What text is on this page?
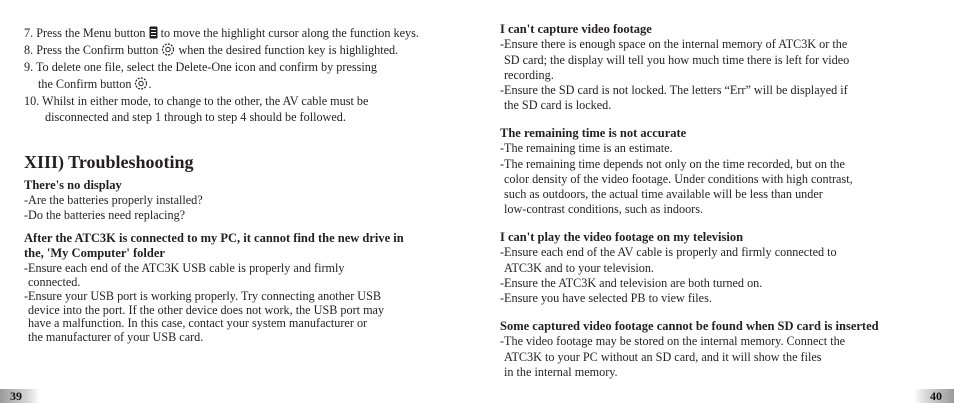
7. Press the Menu button to move the highlight cursor along the function keys.
8. Press the Confirm button when the desired function key is highlighted.
9. To delete one file, select the Delete-One icon and confirm by pressing
the Confirm button .
10. Whilst in either mode, to change to the other, the AV cable must be
disconnected and step 1 through to step 4 should be followed.
XIII) Troubleshooting
There's no display
-Are the batteries properly installed?
-Do the batteries need replacing?
After the ATC3K is connected to my PC, it cannot find the new drive in
the, 'My Computer' folder
-Ensure each end of the ATC3K USB cable is properly and firmly
connected.
-Ensure your USB port is working properly. Try connecting another USB
device into the port. If the other device does not work, the USB port may
have a malfunction. In this case, contact your system manufacturer or
the manufacturer of your USB card.
I can't capture video footage
-Ensure there is enough space on the internal memory of ATC3K or the
SD card; the display will tell you how much time there is left for video
recording.
-Ensure the SD card is not locked. The letters “Err” will be displayed if
the SD card is locked.
The remaining time is not accurate
-The remaining time is an estimate.
-The remaining time depends not only on the time recorded, but on the
color density of the video footage. Under conditions with high contrast,
such as outdoors, the actual time available will be less than under
low-contrast conditions, such as indoors.
I can't play the video footage on my television
-Ensure each end of the AV cable is properly and firmly connected to
ATC3K and to your television.
-Ensure the ATC3K and television are both turned on.
-Ensure you have selected PB to view files.
Some captured video footage cannot be found when SD card is inserted
-The video footage may be stored on the internal memory. Connect the
ATC3K to your PC without an SD card, and it will show the files
in the internal memory.
39	40
